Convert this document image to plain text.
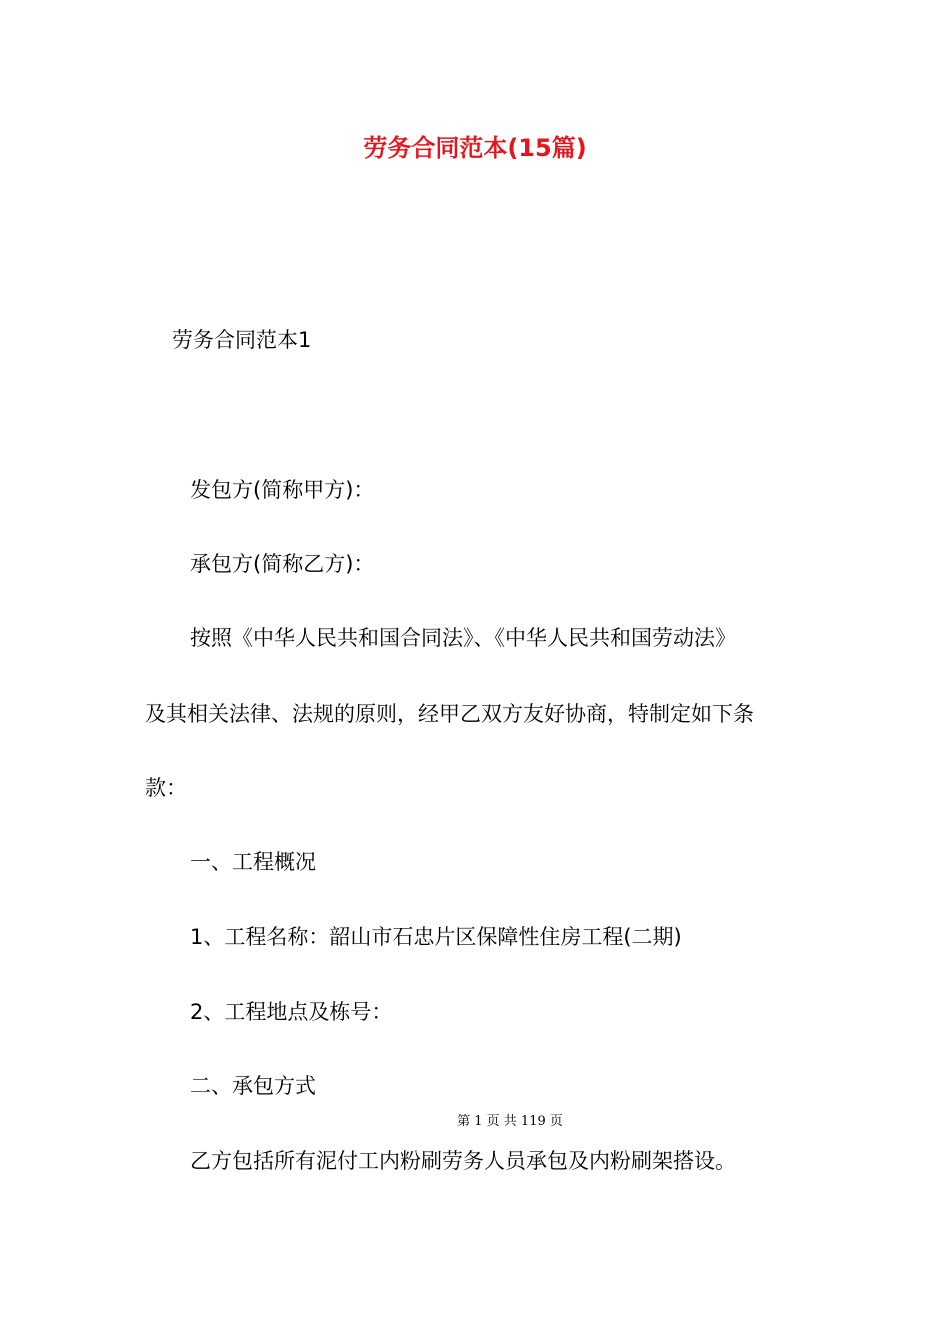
劳务合同范本(15篇)
劳务合同范本1
发包方(简称甲方)：
承包方(简称乙方)：
按照《中华人民共和国合同法》、《中华人民共和国劳动法》
及其相关法律、法规的原则，经甲乙双方友好协商，特制定如下条
款：
一、工程概况
1、工程名称：韶山市石忠片区保障性住房工程(二期)
2、工程地点及栋号：
二、承包方式
第 1 页 共 119 页
乙方包括所有泥付工内粉刷劳务人员承包及内粉刷架搭设。
